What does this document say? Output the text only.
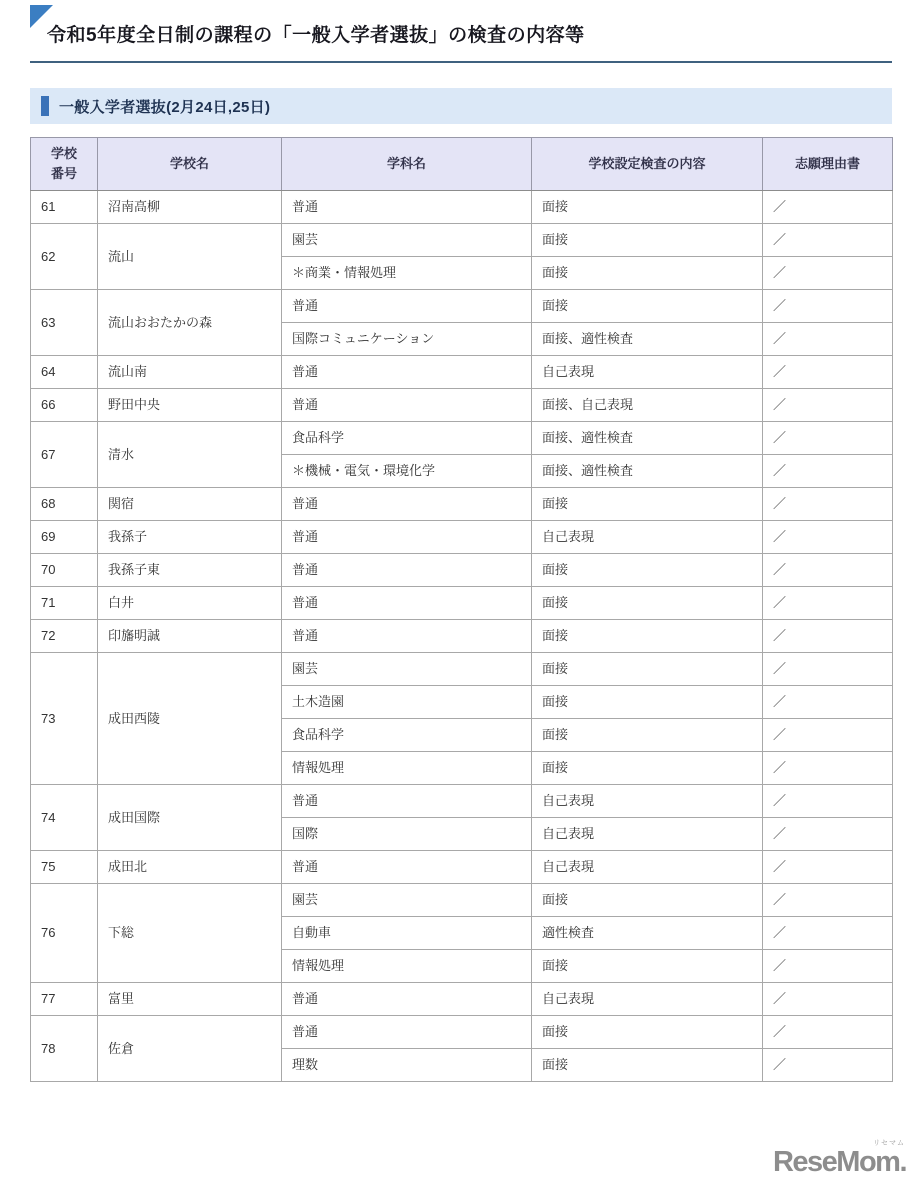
令和5年度全日制の課程の「一般入学者選抜」の検査の内容等
一般入学者選抜(2月24日,25日)
学校番号	学校名	学科名	学校設定検査の内容	志願理由書
61	沼南高柳	普通	面接	／
62	流山	園芸	面接	／
		＊商業・情報処理	面接	／
63	流山おおたかの森	普通	面接	／
		国際コミュニケーション	面接、適性検査	／
64	流山南	普通	自己表現	／
66	野田中央	普通	面接、自己表現	／
67	清水	食品科学	面接、適性検査	／
		＊機械・電気・環境化学	面接、適性検査	／
68	関宿	普通	面接	／
69	我孫子	普通	自己表現	／
70	我孫子東	普通	面接	／
71	白井	普通	面接	／
72	印旛明誠	普通	面接	／
73	成田西陵	園芸	面接	／
		土木造園	面接	／
		食品科学	面接	／
		情報処理	面接	／
74	成田国際	普通	自己表現	／
		国際	自己表現	／
75	成田北	普通	自己表現	／
76	下総	園芸	面接	／
		自動車	適性検査	／
		情報処理	面接	／
77	富里	普通	自己表現	／
78	佐倉	普通	面接	／
		理数	面接	／
リセマム
ReseMom.
